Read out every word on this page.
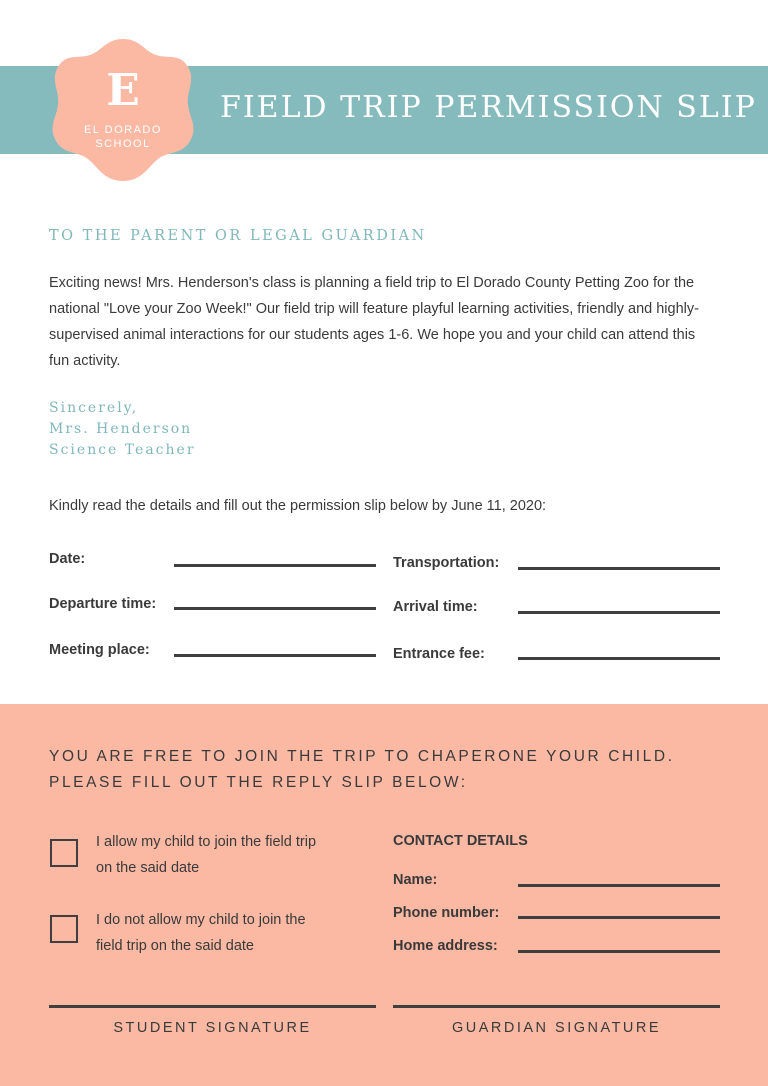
FIELD TRIP PERMISSION SLIP
E
EL DORADO
SCHOOL
TO THE PARENT OR LEGAL GUARDIAN
Exciting news! Mrs. Henderson's class is planning a field trip to El Dorado County Petting Zoo for the national "Love your Zoo Week!" Our field trip will feature playful learning activities, friendly and highly-supervised animal interactions for our students ages 1-6. We hope you and your child can attend this fun activity.
Sincerely,
Mrs. Henderson
Science Teacher
Kindly read the details and fill out the permission slip below by June 11, 2020:
Date:
Departure time:
Meeting place:
Transportation:
Arrival time:
Entrance fee:
YOU ARE FREE TO JOIN THE TRIP TO CHAPERONE YOUR CHILD.
PLEASE FILL OUT THE REPLY SLIP BELOW:
I allow my child to join the field trip on the said date
I do not allow my child to join the field trip on the said date
CONTACT DETAILS
Name:
Phone number:
Home address:
STUDENT SIGNATURE	GUARDIAN SIGNATURE
